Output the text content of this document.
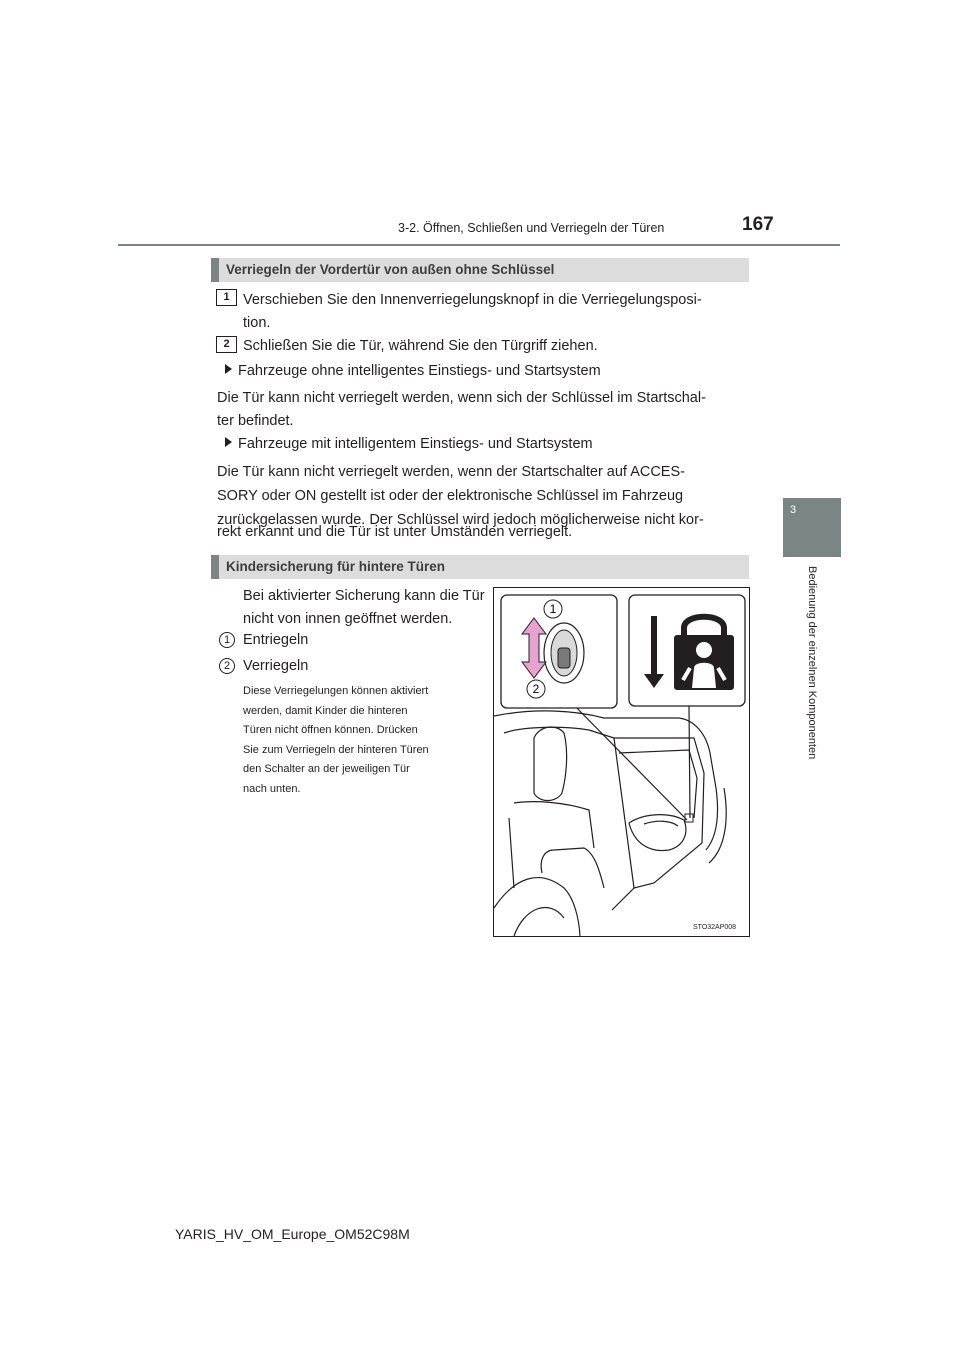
3-2. Öffnen, Schließen und Verriegeln der Türen	167
3
Bedienung der einzelnen Komponenten
Verriegeln der Vordertür von außen ohne Schlüssel
1 Verschieben Sie den Innenverriegelungsknopf in die Verriegelungsposi-
tion.
2 Schließen Sie die Tür, während Sie den Türgriff ziehen.
Fahrzeuge ohne intelligentes Einstiegs- und Startsystem
Die Tür kann nicht verriegelt werden, wenn sich der Schlüssel im Startschal-
ter befindet.
Fahrzeuge mit intelligentem Einstiegs- und Startsystem
Die Tür kann nicht verriegelt werden, wenn der Startschalter auf ACCES-
SORY oder ON gestellt ist oder der elektronische Schlüssel im Fahrzeug
zurückgelassen wurde. Der Schlüssel wird jedoch möglicherweise nicht kor-
rekt erkannt und die Tür ist unter Umständen verriegelt.
Kindersicherung für hintere Türen
Bei aktivierter Sicherung kann die Tür
nicht von innen geöffnet werden.
1 Entriegeln
2 Verriegeln
Diese Verriegelungen können aktiviert
werden, damit Kinder die hinteren
Türen nicht öffnen können. Drücken
Sie zum Verriegeln der hinteren Türen
den Schalter an der jeweiligen Tür
nach unten.
1
2
STO32AP008
YARIS_HV_OM_Europe_OM52C98M
